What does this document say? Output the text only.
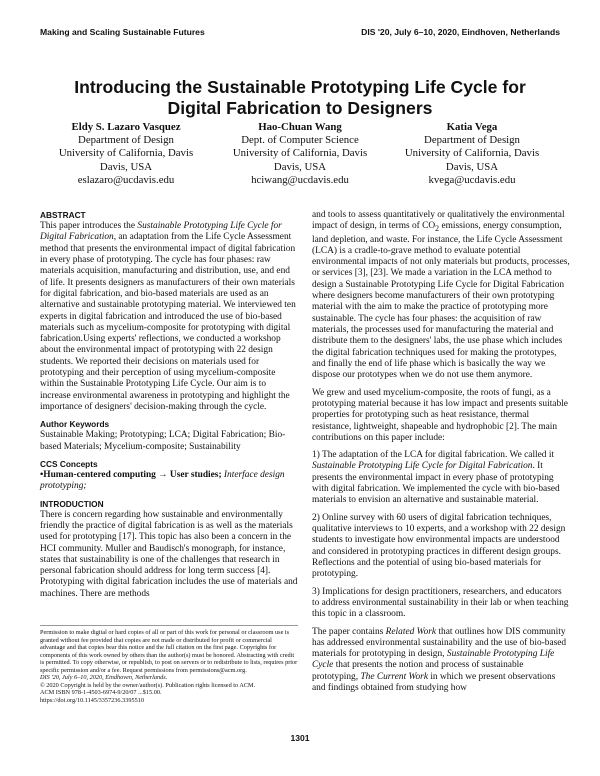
Making and Scaling Sustainable Futures	DIS '20, July 6–10, 2020, Eindhoven, Netherlands
Introducing the Sustainable Prototyping Life Cycle for
Digital Fabrication to Designers
Eldy S. Lazaro Vasquez
Department of Design
University of California, Davis
Davis, USA
eslazaro@ucdavis.edu
Hao-Chuan Wang
Dept. of Computer Science
University of California, Davis
Davis, USA
hciwang@ucdavis.edu
Katia Vega
Department of Design
University of California, Davis
Davis, USA
kvega@ucdavis.edu
ABSTRACT

This paper introduces the Sustainable Prototyping Life Cycle for Digital Fabrication, an adaptation from the Life Cycle Assessment method that presents the environmental impact of digital fabrication in every phase of prototyping. The cycle has four phases: raw materials acquisition, manufacturing and distribution, use, and end of life. It presents designers as manufacturers of their own materials for digital fabrication, and bio-based materials are used as an alternative and sustainable prototyping material. We interviewed ten experts in digital fabrication and introduced the use of bio-based materials such as mycelium-composite for prototyping with digital fabrication.Using experts' reflections, we conducted a workshop about the environmental impact of prototyping with 22 design students. We reported their decisions on materials used for prototyping and their perception of using mycelium-composite within the Sustainable Prototyping Life Cycle. Our aim is to increase environmental awareness in prototyping and highlight the importance of designers' decision-making through the cycle.

Author Keywords

Sustainable Making; Prototyping; LCA; Digital Fabrication; Bio-based Materials; Mycelium-composite; Sustainability

CCS Concepts

•Human-centered computing → User studies; Interface design prototyping;

INTRODUCTION

There is concern regarding how sustainable and environmentally friendly the practice of digital fabrication is as well as the materials used for prototyping [17]. This topic has also been a concern in the HCI community. Muller and Baudisch's monograph, for instance, states that sustainability is one of the challenges that research in personal fabrication should address for long term success [4]. Prototyping with digital fabrication includes the use of materials and machines. There are methods

Permission to make digital or hard copies of all or part of this work for personal or classroom use is granted without fee provided that copies are not made or distributed for profit or commercial advantage and that copies bear this notice and the full citation on the first page. Copyrights for components of this work owned by others than the author(s) must be honored. Abstracting with credit is permitted. To copy otherwise, or republish, to post on servers or to redistribute to lists, requires prior specific permission and/or a fee. Request permissions from permissions@acm.org.

DIS '20, July 6–10, 2020, Eindhoven, Netherlands.

© 2020 Copyright is held by the owner/author(s). Publication rights licensed to ACM.

ACM ISBN 978-1-4503-6974-9/20/07 ...$15.00.

https://doi.org/10.1145/3357236.3395510

and tools to assess quantitatively or qualitatively the environmental impact of design, in terms of $CO_2$ emissions, energy consumption, land depletion, and waste. For instance, the Life Cycle Assessment (LCA) is a cradle-to-grave method to evaluate potential environmental impacts of not only materials but products, processes, or services [3], [23]. We made a variation in the LCA method to design a Sustainable Prototyping Life Cycle for Digital Fabrication where designers become manufacturers of their own prototyping material with the aim to make the practice of prototyping more sustainable. The cycle has four phases: the acquisition of raw materials, the processes used for manufacturing the material and distribute them to the designers' labs, the use phase which includes the digital fabrication techniques used for making the prototypes, and finally the end of life phase which is basically the way we dispose our prototypes when we do not use them anymore.

We grew and used mycelium-composite, the roots of fungi, as a prototyping material because it has low impact and presents suitable properties for prototyping such as heat resistance, thermal resistance, lightweight, shapeable and hydrophobic [2]. The main contributions on this paper include:

1) The adaptation of the LCA for digital fabrication. We called it Sustainable Prototyping Life Cycle for Digital Fabrication. It presents the environmental impact in every phase of prototyping with digital fabrication. We implemented the cycle with bio-based materials to envision an alternative and sustainable material.

2) Online survey with 60 users of digital fabrication techniques, qualitative interviews to 10 experts, and a workshop with 22 design students to investigate how environmental impacts are understood and considered in prototyping practices in different design groups. Reflections and the potential of using bio-based materials for prototyping.

3) Implications for design practitioners, researchers, and educators to address environmental sustainability in their lab or when teaching this topic in a classroom.

The paper contains Related Work that outlines how DIS community has addressed environmental sustainability and the use of bio-based materials for prototyping in design, Sustainable Prototyping Life Cycle that presents the notion and process of sustainable prototyping, The Current Work in which we present observations and findings obtained from studying how

1301
